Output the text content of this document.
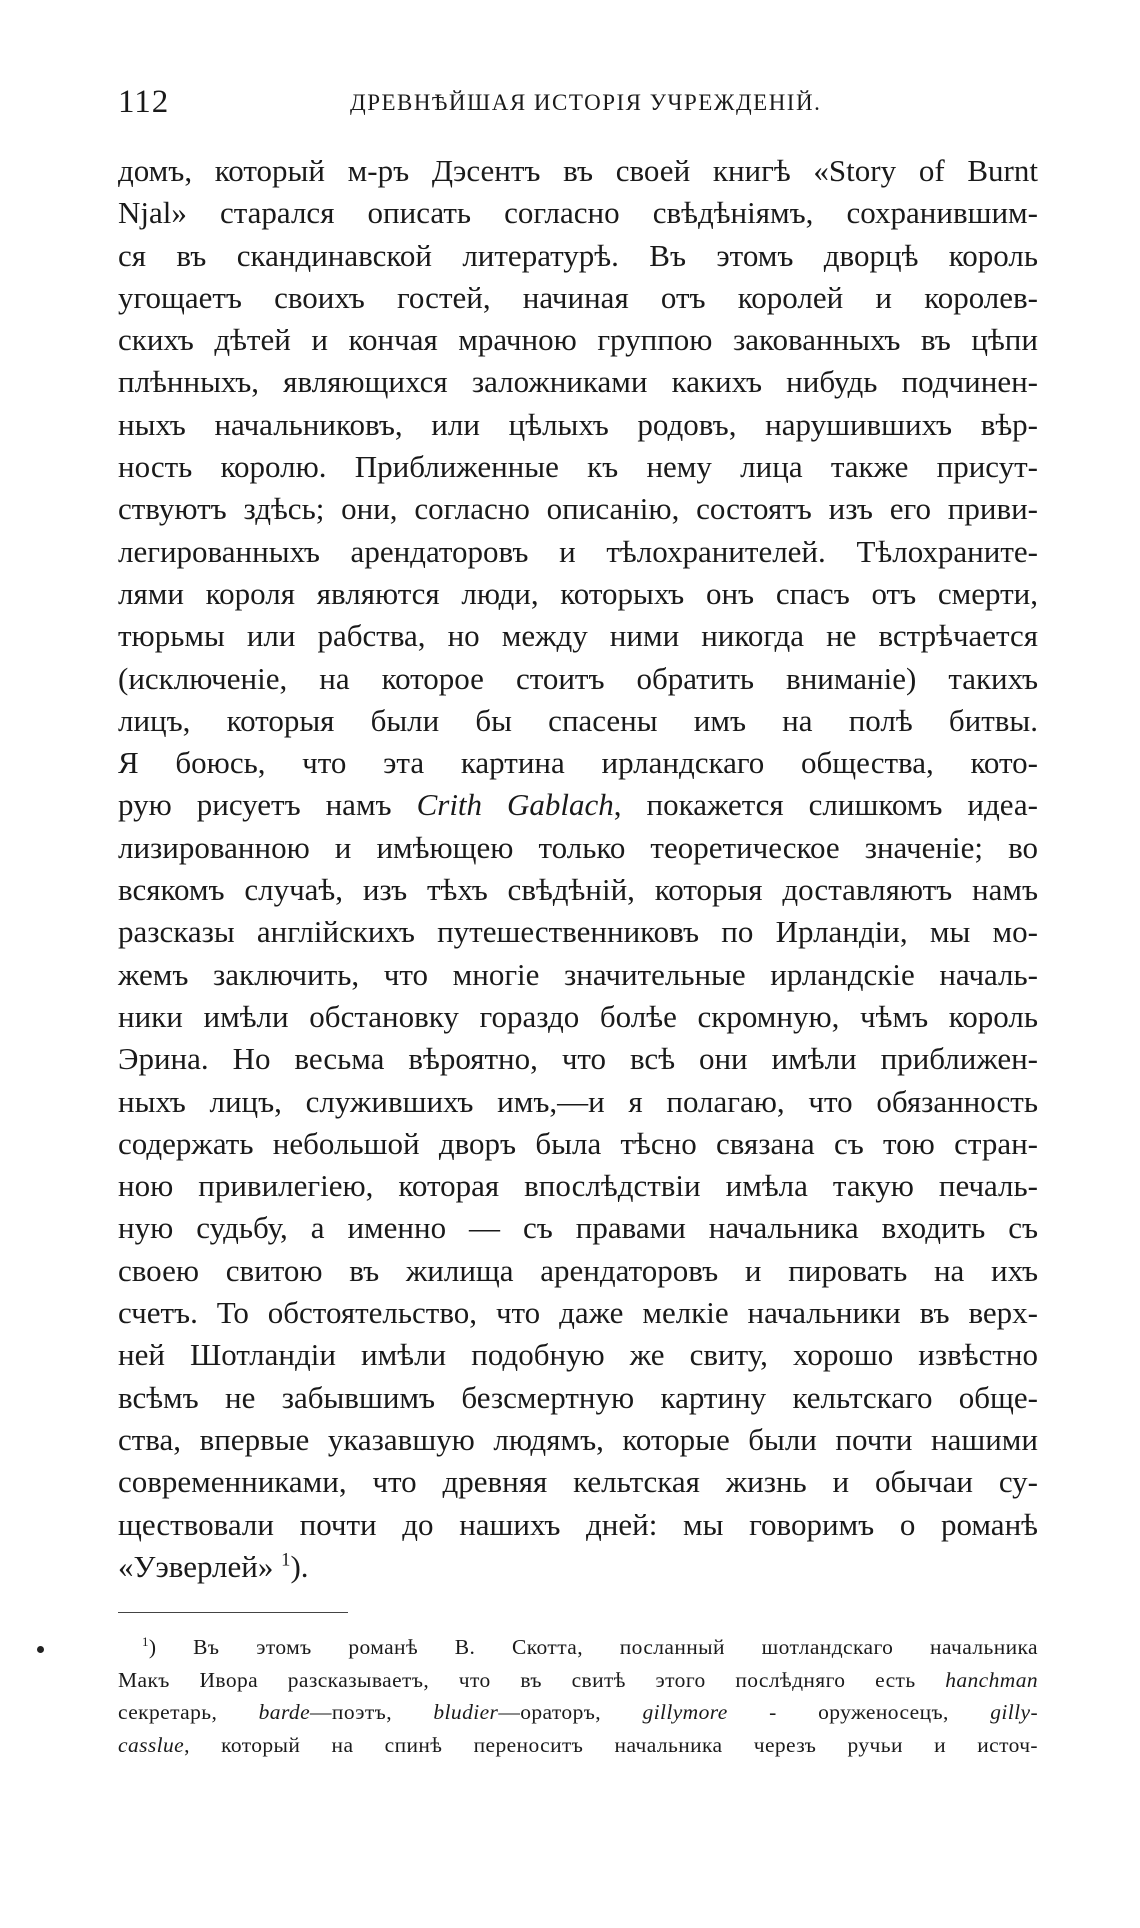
112	ДРЕВНѢЙШАЯ ИСТОРІЯ УЧРЕЖДЕНІЙ.
домъ, который м-ръ Дэсентъ въ своей книгѣ «Story of Burnt
Njal» старался описать согласно свѣдѣніямъ, сохранившим-
ся въ скандинавской литературѣ. Въ этомъ дворцѣ король
угощаетъ своихъ гостей, начиная отъ королей и королев-
скихъ дѣтей и кончая мрачною группою закованныхъ въ цѣпи
плѣнныхъ, являющихся заложниками какихъ нибудь подчинен-
ныхъ начальниковъ, или цѣлыхъ родовъ, нарушившихъ вѣр-
ность королю. Приближенные къ нему лица также присут-
ствуютъ здѣсь; они, согласно описанію, состоятъ изъ его приви-
легированныхъ арендаторовъ и тѣлохранителей. Тѣлохраните-
лями короля являются люди, которыхъ онъ спасъ отъ смерти,
тюрьмы или рабства, но между ними никогда не встрѣчается
(исключеніе, на которое стоитъ обратить вниманіе) такихъ
лицъ, которыя были бы спасены имъ на полѣ битвы.
Я боюсь, что эта картина ирландскаго общества, кото-
рую рисуетъ намъ Crith Gablach, покажется слишкомъ идеа-
лизированною и имѣющею только теоретическое значеніе; во
всякомъ случаѣ, изъ тѣхъ свѣдѣній, которыя доставляютъ намъ
разсказы англійскихъ путешественниковъ по Ирландіи, мы мо-
жемъ заключить, что многіе значительные ирландскіе началь-
ники имѣли обстановку гораздо болѣе скромную, чѣмъ король
Эрина. Но весьма вѣроятно, что всѣ они имѣли приближен-
ныхъ лицъ, служившихъ имъ,—и я полагаю, что обязанность
содержать небольшой дворъ была тѣсно связана съ тою стран-
ною привилегіею, которая впослѣдствіи имѣла такую печаль-
ную судьбу, а именно — съ правами начальника входить съ
своею свитою въ жилища арендаторовъ и пировать на ихъ
счетъ. То обстоятельство, что даже мелкіе начальники въ верх-
ней Шотландіи имѣли подобную же свиту, хорошо извѣстно
всѣмъ не забывшимъ безсмертную картину кельтскаго обще-
ства, впервые указавшую людямъ, которые были почти нашими
современниками, что древняя кельтская жизнь и обычаи су-
ществовали почти до нашихъ дней: мы говоримъ о романѣ
«Уэверлей» $^1$).
$^1$) Въ этомъ романѣ В. Скотта, посланный шотландскаго начальника
Макъ Ивора разсказываетъ, что въ свитѣ этого послѣдняго есть hanchman
секретарь, barde—поэтъ, bludier—ораторъ, gillymore - оруженосецъ, gilly-
casslue, который на спинѣ переноситъ начальника черезъ ручьи и источ-
